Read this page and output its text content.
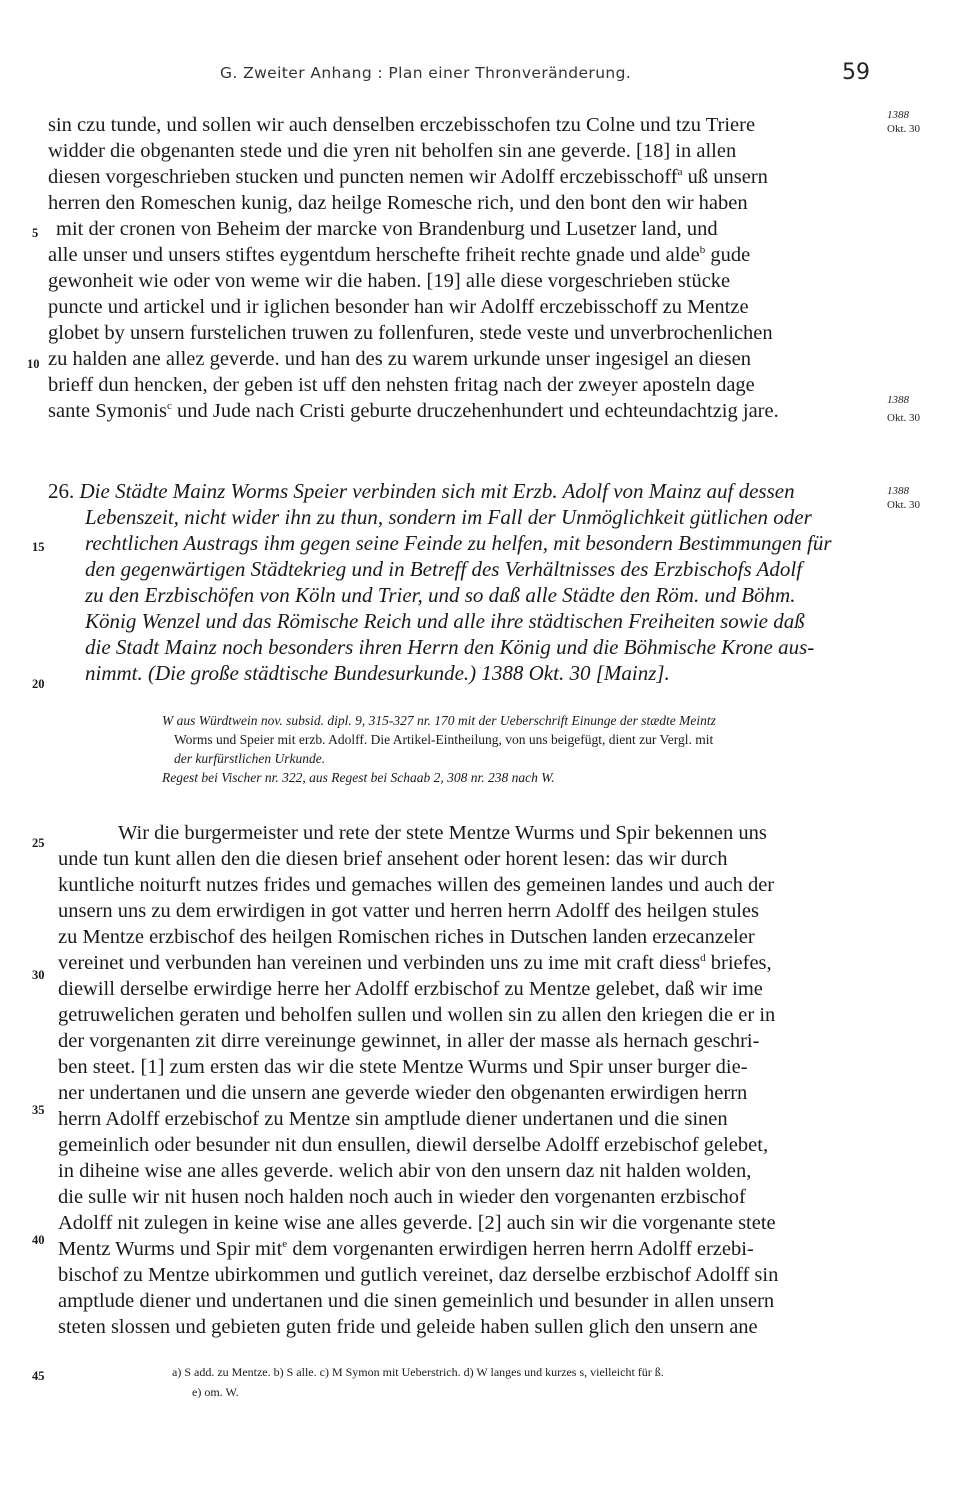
G. Zweiter Anhang : Plan einer Thronveränderung.	59
1388
Okt. 30
1388
Okt. 30
1388
Okt. 30
5
10
15
20
25
30
35
40
45
sin czu tunde, und sollen wir auch denselben erczebisschofen tzu Colne und tzu Triere
widder die obgenanten stede und die yren nit beholfen sin ane geverde. [18] in allen
diesen vorgeschrieben stucken und puncten nemen wir Adolff erczebisschoff$^a$ uß unsern
herren den Romeschen kunig, daz heilge Romesche rich, und den bont den wir haben
mit der cronen von Beheim der marcke von Brandenburg und Lusetzer land, und
alle unser und unsers stiftes eygentdum herschefte friheit rechte gnade und alde$^b$ gude
gewonheit wie oder von weme wir die haben. [19] alle diese vorgeschrieben stücke
puncte und artickel und ir iglichen besonder han wir Adolff erczebisschoff zu Mentze
globet by unsern furstelichen truwen zu follenfuren, stede veste und unverbrochenlichen
zu halden ane allez geverde. und han des zu warem urkunde unser ingesigel an diesen
brieff dun hencken, der geben ist uff den nehsten fritag nach der zweyer aposteln dage
sante Symonis$^c$ und Jude nach Cristi geburte druczehenhundert und echteundachtzig jare.
26. Die Städte Mainz Worms Speier verbinden sich mit Erzb. Adolf von Mainz auf dessen
Lebenszeit, nicht wider ihn zu thun, sondern im Fall der Unmöglichkeit gütlichen oder
rechtlichen Austrags ihm gegen seine Feinde zu helfen, mit besondern Bestimmungen für
den gegenwärtigen Städtekrieg und in Betreff des Verhältnisses des Erzbischofs Adolf
zu den Erzbischöfen von Köln und Trier, und so daß alle Städte den Röm. und Böhm.
König Wenzel und das Römische Reich und alle ihre städtischen Freiheiten sowie daß
die Stadt Mainz noch besonders ihren Herrn den König und die Böhmische Krone aus-
nimmt. (Die große städtische Bundesurkunde.) 1388 Okt. 30 [Mainz].
W aus Würdtwein nov. subsid. dipl. 9, 315-327 nr. 170 mit der Ueberschrift Einunge der stædte Meintz
Worms und Speier mit erzb. Adolff. Die Artikel-Eintheilung, von uns beigefügt, dient zur Vergl. mit
der kurfürstlichen Urkunde.
Regest bei Vischer nr. 322, aus Regest bei Schaab 2, 308 nr. 238 nach W.
Wir die burgermeister und rete der stete Mentze Wurms und Spir bekennen uns
unde tun kunt allen den die diesen brief ansehent oder horent lesen: das wir durch
kuntliche noiturft nutzes frides und gemaches willen des gemeinen landes und auch der
unsern uns zu dem erwirdigen in got vatter und herren herrn Adolff des heilgen stules
zu Mentze erzbischof des heilgen Romischen riches in Dutschen landen erzecanzeler
vereinet und verbunden han vereinen und verbinden uns zu ime mit craft diess$^d$ briefes,
diewill derselbe erwirdige herre her Adolff erzbischof zu Mentze gelebet, daß wir ime
getruwelichen geraten und beholfen sullen und wollen sin zu allen den kriegen die er in
der vorgenanten zit dirre vereinunge gewinnet, in aller der masse als hernach geschri-
ben steet. [1] zum ersten das wir die stete Mentze Wurms und Spir unser burger die-
ner undertanen und die unsern ane geverde wieder den obgenanten erwirdigen herrn
herrn Adolff erzebischof zu Mentze sin amptlude diener undertanen und die sinen
gemeinlich oder besunder nit dun ensullen, diewil derselbe Adolff erzebischof gelebet,
in diheine wise ane alles geverde. welich abir von den unsern daz nit halden wolden,
die sulle wir nit husen noch halden noch auch in wieder den vorgenanten erzbischof
Adolff nit zulegen in keine wise ane alles geverde. [2] auch sin wir die vorgenante stete
Mentz Wurms und Spir mit$^e$ dem vorgenanten erwirdigen herren herrn Adolff erzebi-
bischof zu Mentze ubirkommen und gutlich vereinet, daz derselbe erzbischof Adolff sin
amptlude diener und undertanen und die sinen gemeinlich und besunder in allen unsern
steten slossen und gebieten guten fride und geleide haben sullen glich den unsern ane
a) S add. zu Mentze. b) S alle. c) M Symon mit Ueberstrich. d) W langes und kurzes s, vielleicht für ß.
e) om. W.
